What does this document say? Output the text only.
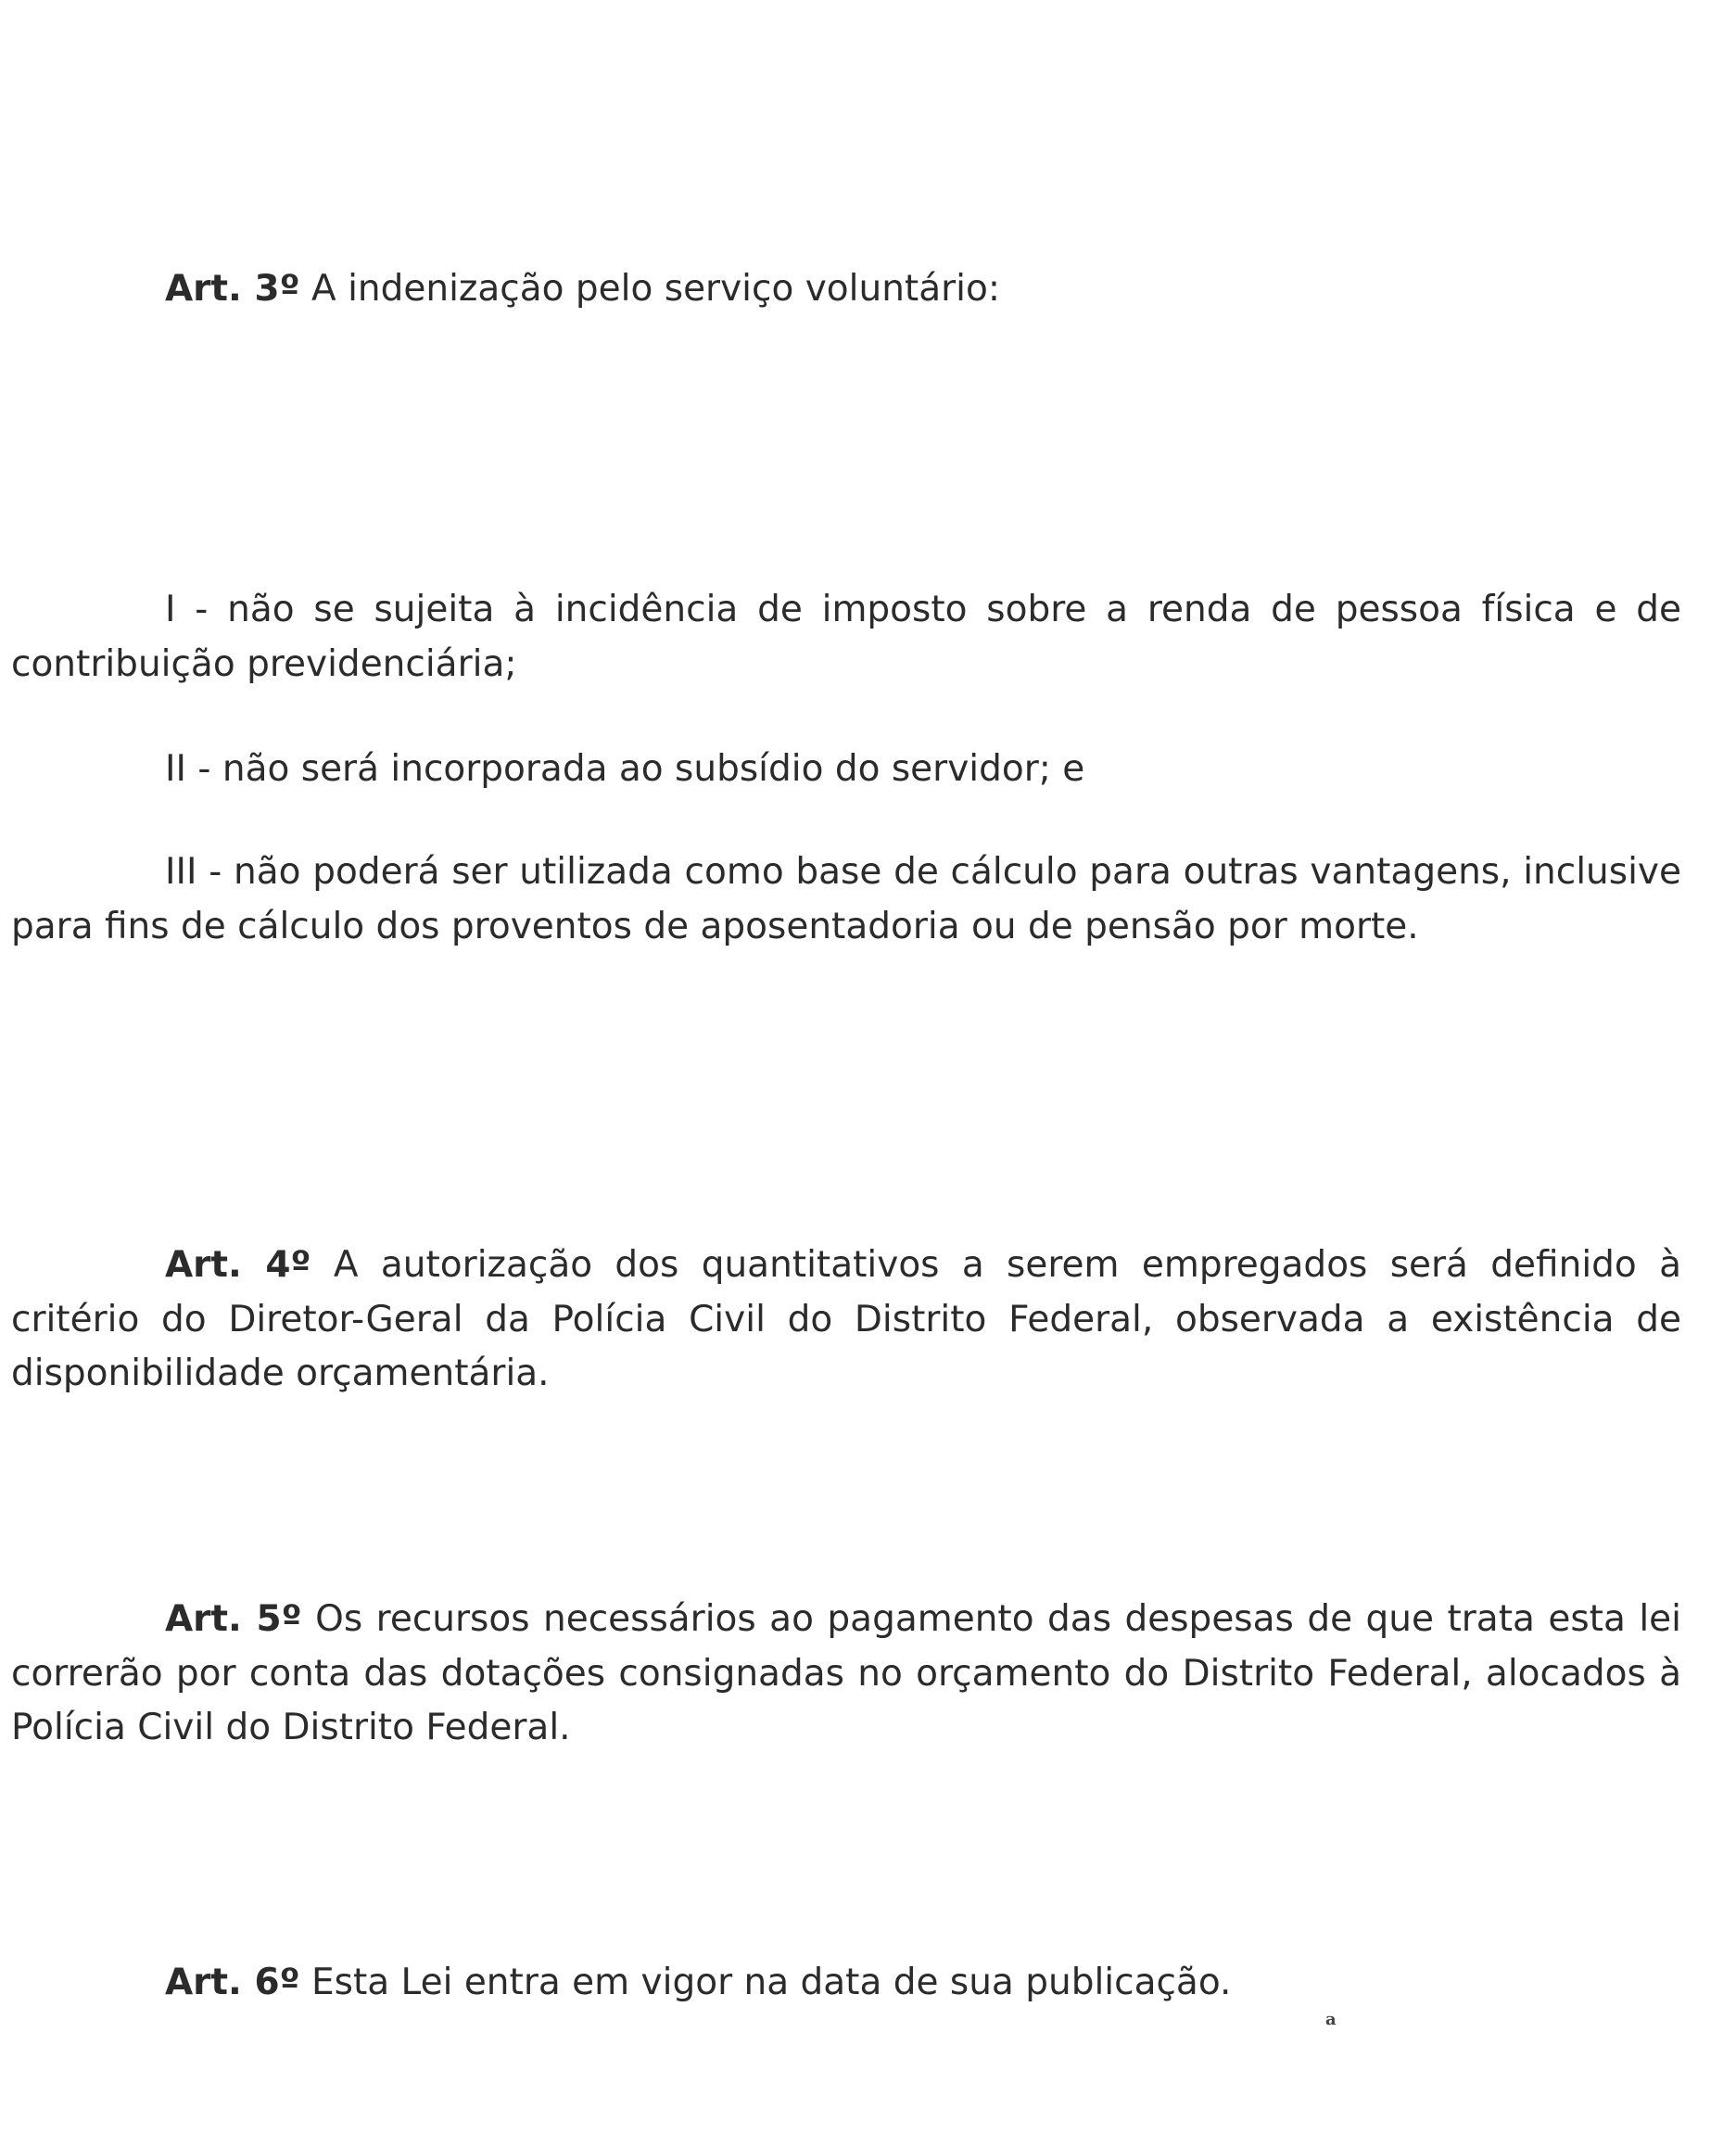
Art. 3º A indenização pelo serviço voluntário:

I - não se sujeita à incidência de imposto sobre a renda de pessoa física e de contribuição previdenciária;

II - não será incorporada ao subsídio do servidor; e

III - não poderá ser utilizada como base de cálculo para outras vantagens, inclusive para fins de cálculo dos proventos de aposentadoria ou de pensão por morte.

Art. 4º A autorização dos quantitativos a serem empregados será definido à critério do Diretor-Geral da Polícia Civil do Distrito Federal, observada a existência de disponibilidade orçamentária.

Art. 5º Os recursos necessários ao pagamento das despesas de que trata esta lei correrão por conta das dotações consignadas no orçamento do Distrito Federal, alocados à Polícia Civil do Distrito Federal.

Art. 6º Esta Lei entra em vigor na data de sua publicação.

a
